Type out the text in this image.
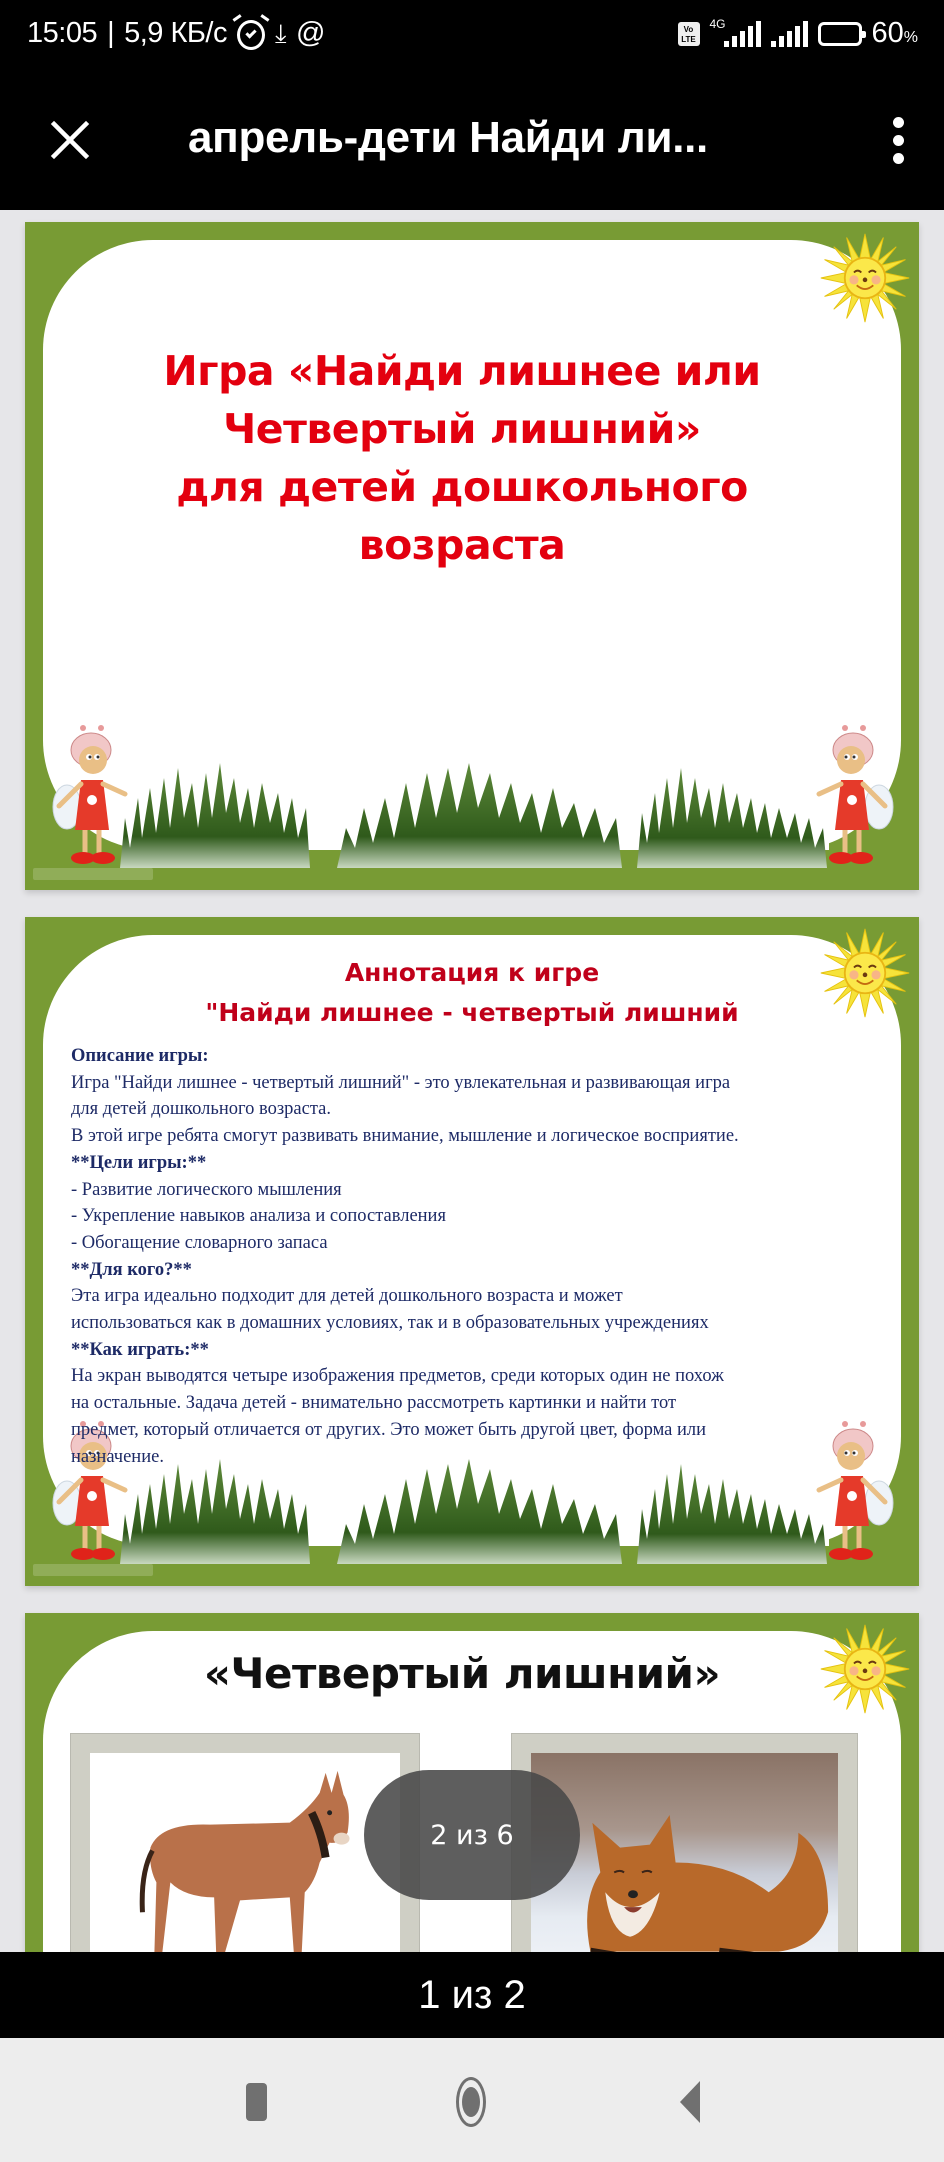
15:05 | 5,9 КБ/с ⤓ @	Vo LTE
4G	60%
апрель-дети Найди ли...
Игра «Найди лишнее или
Четвертый лишний»
для детей дошкольного
возраста
Аннотация к игре
"Найди лишнее - четвертый лишний

Описание игры:

Игра "Найди лишнее - четвертый лишний" - это увлекательная и развивающая игра

для детей дошкольного возраста.

В этой игре ребята смогут развивать внимание, мышление и логическое восприятие.

**Цели игры:**

- Развитие логического мышления

- Укрепление навыков анализа и сопоставления

- Обогащение словарного запаса

**Для кого?**

Эта игра идеально подходит для детей дошкольного возраста и может

использоваться как в домашних условиях, так и в образовательных учреждениях

**Как играть:**

На экран выводятся четыре изображения предметов, среди которых один не похож

на остальные. Задача детей - внимательно рассмотреть картинки и найти тот

предмет, который отличается от других. Это может быть другой цвет, форма или

назначение.

«Четвертый лишний»
2 из 6
1 из 2
